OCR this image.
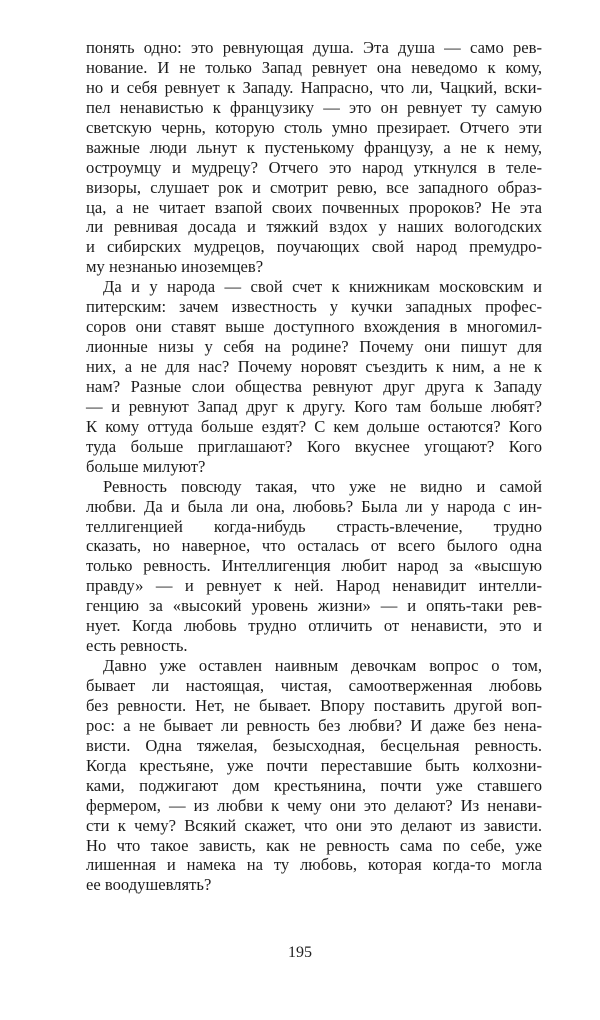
понять одно: это ревнующая душа. Эта душа — само рев-
нование. И не только Запад ревнует она неведомо к кому,
но и себя ревнует к Западу. Напрасно, что ли, Чацкий, вски-
пел ненавистью к французику — это он ревнует ту самую
светскую чернь, которую столь умно презирает. Отчего эти
важные люди льнут к пустенькому французу, а не к нему,
остроумцу и мудрецу? Отчего это народ уткнулся в теле-
визоры, слушает рок и смотрит ревю, все западного образ-
ца, а не читает взапой своих почвенных пророков? Не эта
ли ревнивая досада и тяжкий вздох у наших вологодских
и сибирских мудрецов, поучающих свой народ премудро-
му незнанью иноземцев?
Да и у народа — свой счет к книжникам московским и
питерским: зачем известность у кучки западных профес-
соров они ставят выше доступного вхождения в многомил-
лионные низы у себя на родине? Почему они пишут для
них, а не для нас? Почему норовят съездить к ним, а не к
нам? Разные слои общества ревнуют друг друга к Западу
— и ревнуют Запад друг к другу. Кого там больше любят?
К кому оттуда больше ездят? С кем дольше остаются? Кого
туда больше приглашают? Кого вкуснее угощают? Кого
больше милуют?
Ревность повсюду такая, что уже не видно и самой
любви. Да и была ли она, любовь? Была ли у народа с ин-
теллигенцией когда-нибудь страсть-влечение, трудно
сказать, но наверное, что осталась от всего былого одна
только ревность. Интеллигенция любит народ за «высшую
правду» — и ревнует к ней. Народ ненавидит интелли-
генцию за «высокий уровень жизни» — и опять-таки рев-
нует. Когда любовь трудно отличить от ненависти, это и
есть ревность.
Давно уже оставлен наивным девочкам вопрос о том,
бывает ли настоящая, чистая, самоотверженная любовь
без ревности. Нет, не бывает. Впору поставить другой воп-
рос: а не бывает ли ревность без любви? И даже без нена-
висти. Одна тяжелая, безысходная, бесцельная ревность.
Когда крестьяне, уже почти переставшие быть колхозни-
ками, поджигают дом крестьянина, почти уже ставшего
фермером, — из любви к чему они это делают? Из ненави-
сти к чему? Всякий скажет, что они это делают из зависти.
Но что такое зависть, как не ревность сама по себе, уже
лишенная и намека на ту любовь, которая когда-то могла
ее воодушевлять?
195
